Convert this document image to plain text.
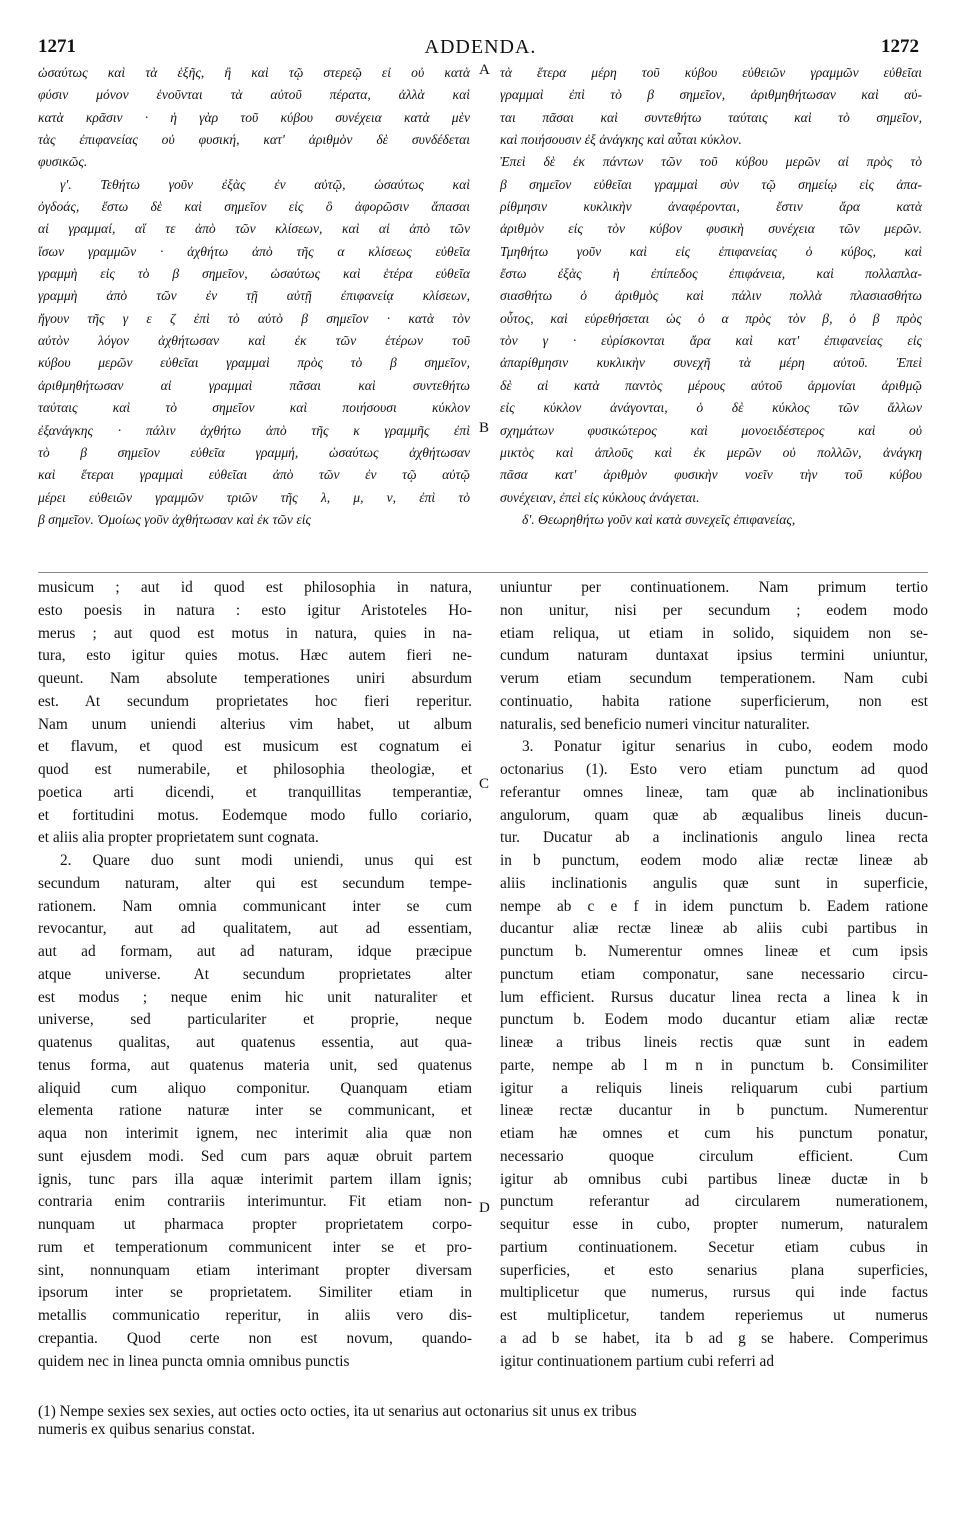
1271	ADDENDA.	1272
A
B
C
D

ὡσαύτως καὶ τὰ ἑξῆς, ἢ καὶ τῷ στερεῷ εἰ οὐ κατὰ

φύσιν μόνον ἑνοῦνται τὰ αὐτοῦ πέρατα, ἀλλὰ καὶ

κατὰ κρᾶσιν · ἡ γὰρ τοῦ κύβου συνέχεια κατὰ μὲν

τὰς ἐπιφανείας οὐ φυσική, κατ' ἀριθμὸν δὲ συνδέδεται

φυσικῶς.

γ'. Τεθήτω γοῦν ἐξὰς ἐν αὐτῷ, ὡσαύτως καὶ

ὀγδοάς, ἔστω δὲ καὶ σημεῖον εἰς ὃ ἀφορῶσιν ἅπασαι

αἱ γραμμαί, αἵ τε ἀπὸ τῶν κλίσεων, καὶ αἱ ἀπὸ τῶν

ἴσων γραμμῶν · ἀχθήτω ἀπὸ τῆς α κλίσεως εὐθεῖα

γραμμὴ εἰς τὸ β σημεῖον, ὡσαύτως καὶ ἑτέρα εὐθεῖα

γραμμὴ ἀπὸ τῶν ἐν τῇ αὐτῇ ἐπιφανείᾳ κλίσεων,

ἤγουν τῆς γ ε ζ ἐπὶ τὸ αὐτὸ β σημεῖον · κατὰ τὸν

αὐτὸν λόγον ἀχθήτωσαν καὶ ἐκ τῶν ἑτέρων τοῦ

κύβου μερῶν εὐθεῖαι γραμμαὶ πρὸς τὸ β σημεῖον,

ἀριθμηθήτωσαν αἱ γραμμαὶ πᾶσαι καὶ συντεθήτω

ταύταις καὶ τὸ σημεῖον καὶ ποιήσουσι κύκλον

ἐξανάγκης · πάλιν ἀχθήτω ἀπὸ τῆς κ γραμμῆς ἐπὶ

τὸ β σημεῖον εὐθεῖα γραμμή, ὡσαύτως ἀχθήτωσαν

καὶ ἕτεραι γραμμαὶ εὐθεῖαι ἀπὸ τῶν ἐν τῷ αὐτῷ

μέρει εὐθειῶν γραμμῶν τριῶν τῆς λ, μ, ν, ἐπὶ τὸ

β σημεῖον. Ὁμοίως γοῦν ἀχθήτωσαν καὶ ἐκ τῶν εἰς

τὰ ἕτερα μέρη τοῦ κύβου εὐθειῶν γραμμῶν εὐθεῖαι

γραμμαὶ ἐπὶ τὸ β σημεῖον, ἀριθμηθήτωσαν καὶ αὐ-

ται πᾶσαι καὶ συντεθήτω ταύταις καὶ τὸ σημεῖον,

καὶ ποιήσουσιν ἐξ ἀνάγκης καὶ αὗται κύκλον.

Ἐπεὶ δὲ ἐκ πάντων τῶν τοῦ κύβου μερῶν αἱ πρὸς τὸ

β σημεῖον εὐθεῖαι γραμμαὶ σὺν τῷ σημείῳ εἰς ἀπα-

ρίθμησιν κυκλικὴν ἀναφέρονται, ἔστιν ἄρα κατὰ

ἀριθμὸν εἰς τὸν κύβον φυσικὴ συνέχεια τῶν μερῶν.

Τμηθήτω γοῦν καὶ εἰς ἐπιφανείας ὁ κύβος, καὶ

ἔστω ἐξὰς ἡ ἐπίπεδος ἐπιφάνεια, καὶ πολλαπλα-

σιασθήτω ὁ ἀριθμὸς καὶ πάλιν πολλὰ πλασιασθήτω

οὗτος, καὶ εὑρεθήσεται ὡς ὁ α πρὸς τὸν β, ὁ β πρὸς

τὸν γ · εὑρίσκονται ἄρα καὶ κατ' ἐπιφανείας εἰς

ἀπαρίθμησιν κυκλικὴν συνεχῆ τὰ μέρη αὐτοῦ. Ἐπεὶ

δὲ αἱ κατὰ παντὸς μέρους αὐτοῦ ἁρμονίαι ἀριθμῷ

εἰς κύκλον ἀνάγονται, ὁ δὲ κύκλος τῶν ἄλλων

σχημάτων φυσικώτερος καὶ μονοειδέστερος καὶ οὐ

μικτὸς καὶ ἁπλοῦς καὶ ἐκ μερῶν οὐ πολλῶν, ἀνάγκη

πᾶσα κατ' ἀριθμὸν φυσικὴν νοεῖν τὴν τοῦ κύβου

συνέχειαν, ἐπεὶ εἰς κύκλους ἀνάγεται.

δ'. Θεωρηθήτω γοῦν καὶ κατὰ συνεχεῖς ἐπιφανείας,

musicum ; aut id quod est philosophia in natura,

esto poesis in natura : esto igitur Aristoteles Ho-

merus ; aut quod est motus in natura, quies in na-

tura, esto igitur quies motus. Hæc autem fieri ne-

queunt. Nam absolute temperationes uniri absurdum

est. At secundum proprietates hoc fieri reperitur.

Nam unum uniendi alterius vim habet, ut album

et flavum, et quod est musicum est cognatum ei

quod est numerabile, et philosophia theologiæ, et

poetica arti dicendi, et tranquillitas temperantiæ,

et fortitudini motus. Eodemque modo fullo coriario,

et aliis alia propter proprietatem sunt cognata.

2. Quare duo sunt modi uniendi, unus qui est

secundum naturam, alter qui est secundum tempe-

rationem. Nam omnia communicant inter se cum

revocantur, aut ad qualitatem, aut ad essentiam,

aut ad formam, aut ad naturam, idque præcipue

atque universe. At secundum proprietates alter

est modus ; neque enim hic unit naturaliter et

universe, sed particulariter et proprie, neque

quatenus qualitas, aut quatenus essentia, aut qua-

tenus forma, aut quatenus materia unit, sed quatenus

aliquid cum aliquo componitur. Quanquam etiam

elementa ratione naturæ inter se communicant, et

aqua non interimit ignem, nec interimit alia quæ non

sunt ejusdem modi. Sed cum pars aquæ obruit partem

ignis, tunc pars illa aquæ interimit partem illam ignis;

contraria enim contrariis interimuntur. Fit etiam non-

nunquam ut pharmaca propter proprietatem corpo-

rum et temperationum communicent inter se et pro-

sint, nonnunquam etiam interimant propter diversam

ipsorum inter se proprietatem. Similiter etiam in

metallis communicatio reperitur, in aliis vero dis-

crepantia. Quod certe non est novum, quando-

quidem nec in linea puncta omnia omnibus punctis

uniuntur per continuationem. Nam primum tertio

non unitur, nisi per secundum ; eodem modo

etiam reliqua, ut etiam in solido, siquidem non se-

cundum naturam duntaxat ipsius termini uniuntur,

verum etiam secundum temperationem. Nam cubi

continuatio, habita ratione superficierum, non est

naturalis, sed beneficio numeri vincitur naturaliter.

3. Ponatur igitur senarius in cubo, eodem modo

octonarius (1). Esto vero etiam punctum ad quod

referantur omnes lineæ, tam quæ ab inclinationibus

angulorum, quam quæ ab æqualibus lineis ducun-

tur. Ducatur ab a inclinationis angulo linea recta

in b punctum, eodem modo aliæ rectæ lineæ ab

aliis inclinationis angulis quæ sunt in superficie,

nempe ab c e f in idem punctum b. Eadem ratione

ducantur aliæ rectæ lineæ ab aliis cubi partibus in

punctum b. Numerentur omnes lineæ et cum ipsis

punctum etiam componatur, sane necessario circu-

lum efficient. Rursus ducatur linea recta a linea k in

punctum b. Eodem modo ducantur etiam aliæ rectæ

lineæ a tribus lineis rectis quæ sunt in eadem

parte, nempe ab l m n in punctum b. Consimiliter

igitur a reliquis lineis reliquarum cubi partium

lineæ rectæ ducantur in b punctum. Numerentur

etiam hæ omnes et cum his punctum ponatur,

necessario quoque circulum efficient. Cum

igitur ab omnibus cubi partibus lineæ ductæ in b

punctum referantur ad circularem numerationem,

sequitur esse in cubo, propter numerum, naturalem

partium continuationem. Secetur etiam cubus in

superficies, et esto senarius plana superficies,

multiplicetur que numerus, rursus qui inde factus

est multiplicetur, tandem reperiemus ut numerus

a ad b se habet, ita b ad g se habere. Comperimus

igitur continuationem partium cubi referri ad

(1) Nempe sexies sex sexies, aut octies octo octies, ita ut senarius aut octonarius sit unus ex tribus

numeris ex quibus senarius constat.
